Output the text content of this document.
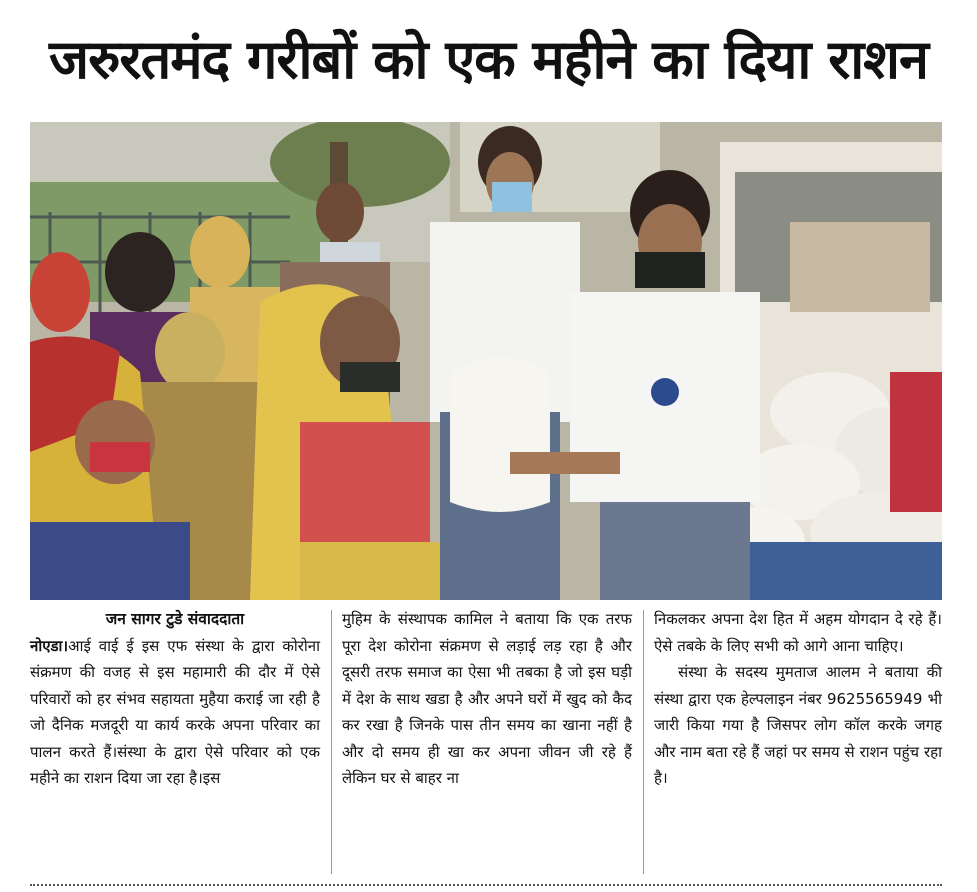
जरुरतमंद गरीबों को एक महीने का दिया राशन
जन सागर टुडे संवाददाता
नोएडा।आई वाई ई इस एफ संस्था के द्वारा कोरोना संक्रमण की वजह से इस महामारी की दौर में ऐसे परिवारों को हर संभव सहायता मुहैया कराई जा रही है जो दैनिक मजदूरी या कार्य करके अपना परिवार का पालन करते हैं।संस्था के द्वारा ऐसे परिवार को एक महीने का राशन दिया जा रहा है।इस
मुहिम के संस्थापक कामिल ने बताया कि एक तरफ पूरा देश कोरोना संक्रमण से लड़ाई लड़ रहा है और दूसरी तरफ समाज का ऐसा भी तबका है जो इस घड़ी में देश के साथ खडा है और अपने घरों में खुद को कैद कर रखा है जिनके पास तीन समय का खाना नहीं है और दो समय ही खा कर अपना जीवन जी रहे हैं लेकिन घर से बाहर ना
निकलकर अपना देश हित में अहम योगदान दे रहे हैं। ऐसे तबके के लिए सभी को आगे आना चाहिए।
संस्था के सदस्य मुमताज आलम ने बताया की संस्था द्वारा एक हेल्पलाइन नंबर 9625565949 भी जारी किया गया है जिसपर लोग कॉल करके जगह और नाम बता रहे हैं जहां पर समय से राशन पहुंच रहा है।
